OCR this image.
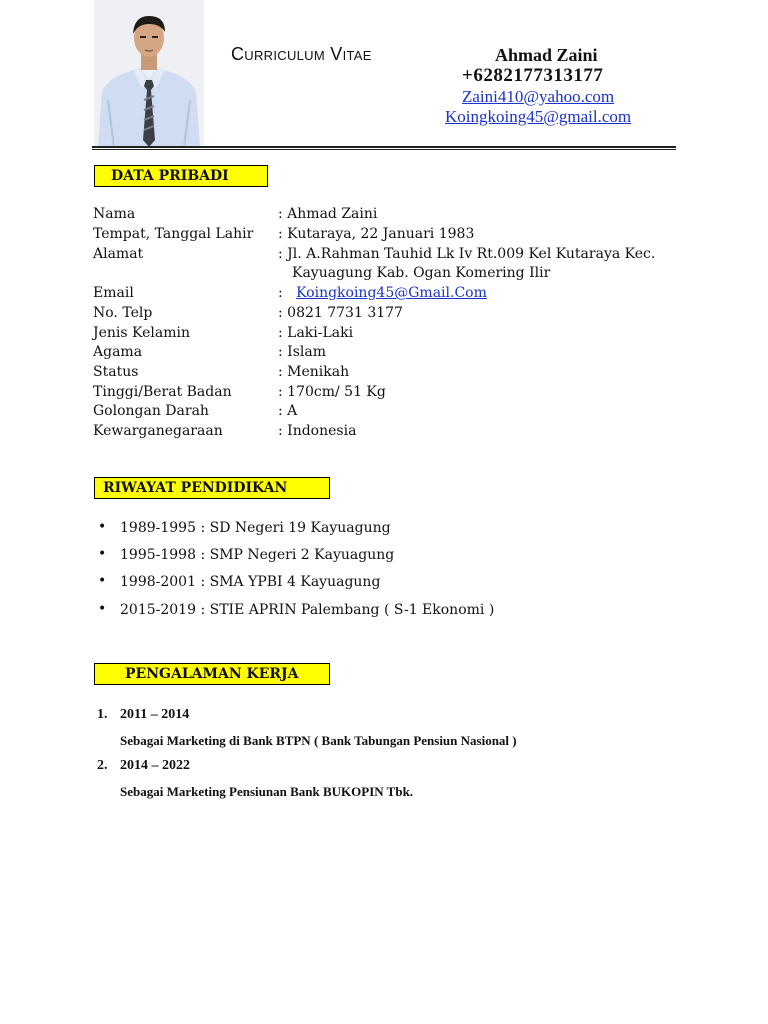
Curriculum Vitae	Ahmad Zaini
+6282177313177
Zaini410@yahoo.com
Koingkoing45@gmail.com
DATA PRIBADI
Nama	: Ahmad Zaini
Tempat, Tanggal Lahir : Kutaraya, 22 Januari 1983
Alamat	: Jl. A.Rahman Tauhid Lk Iv Rt.009 Kel Kutaraya Kec.
Kayuagung Kab. Ogan Komering Ilir
Email	: Koingkoing45@Gmail.Com
No. Telp	: 0821 7731 3177
Jenis Kelamin	: Laki-Laki
Agama	: Islam
Status	: Menikah
Tinggi/Berat Badan	: 170cm/ 51 Kg
Golongan Darah	: A
Kewarganegaraan	: Indonesia
RIWAYAT PENDIDIKAN
• 1989-1995 : SD Negeri 19 Kayuagung
• 1995-1998 : SMP Negeri 2 Kayuagung
• 1998-2001 : SMA YPBI 4 Kayuagung
• 2015-2019 : STIE APRIN Palembang ( S-1 Ekonomi )
PENGALAMAN KERJA
1. 2011 – 2014
Sebagai Marketing di Bank BTPN ( Bank Tabungan Pensiun Nasional )
2. 2014 – 2022
Sebagai Marketing Pensiunan Bank BUKOPIN Tbk.
